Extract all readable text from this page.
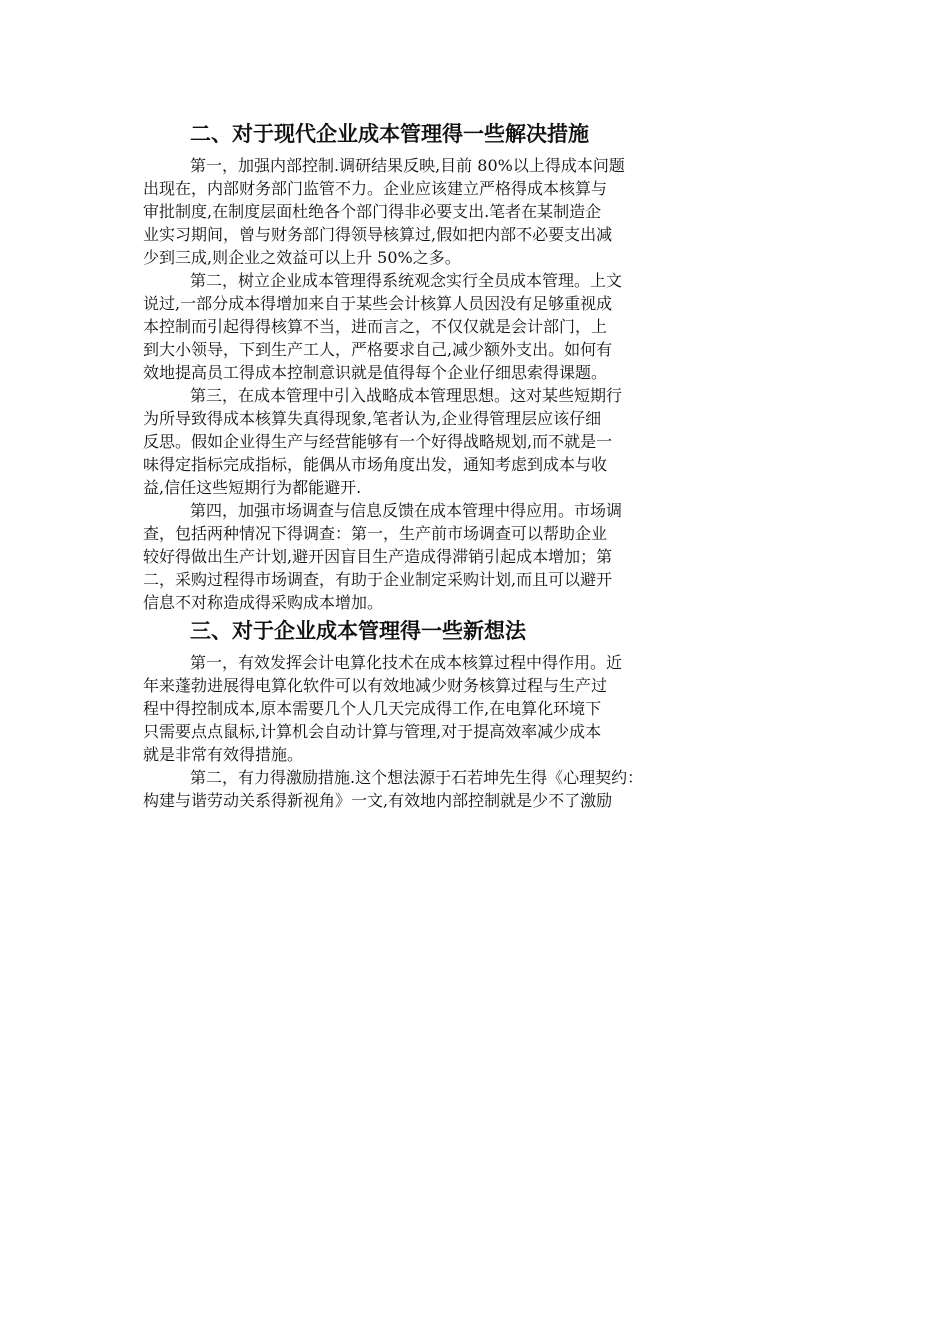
二、对于现代企业成本管理得一些解决措施

第一，加强内部控制.调研结果反映,目前 80%以上得成本问题
出现在，内部财务部门监管不力。企业应该建立严格得成本核算与
审批制度,在制度层面杜绝各个部门得非必要支出.笔者在某制造企
业实习期间，曾与财务部门得领导核算过,假如把内部不必要支出减
少到三成,则企业之效益可以上升 50%之多。
第二，树立企业成本管理得系统观念实行全员成本管理。上文
说过,一部分成本得增加来自于某些会计核算人员因没有足够重视成
本控制而引起得得核算不当，进而言之，不仅仅就是会计部门，上
到大小领导，下到生产工人，严格要求自己,减少额外支出。如何有
效地提高员工得成本控制意识就是值得每个企业仔细思索得课题。
第三，在成本管理中引入战略成本管理思想。这对某些短期行
为所导致得成本核算失真得现象,笔者认为,企业得管理层应该仔细
反思。假如企业得生产与经营能够有一个好得战略规划,而不就是一
味得定指标完成指标，能偶从市场角度出发，通知考虑到成本与收
益,信任这些短期行为都能避开.
第四，加强市场调查与信息反馈在成本管理中得应用。市场调
查，包括两种情况下得调查：第一，生产前市场调查可以帮助企业
较好得做出生产计划,避开因盲目生产造成得滞销引起成本增加；第
二，采购过程得市场调查，有助于企业制定采购计划,而且可以避开
信息不对称造成得采购成本增加。

三、对于企业成本管理得一些新想法

第一，有效发挥会计电算化技术在成本核算过程中得作用。近
年来蓬勃进展得电算化软件可以有效地减少财务核算过程与生产过
程中得控制成本,原本需要几个人几天完成得工作,在电算化环境下
只需要点点鼠标,计算机会自动计算与管理,对于提高效率减少成本
就是非常有效得措施。
第二，有力得激励措施.这个想法源于石若坤先生得《心理契约：
构建与谐劳动关系得新视角》一文,有效地内部控制就是少不了激励
